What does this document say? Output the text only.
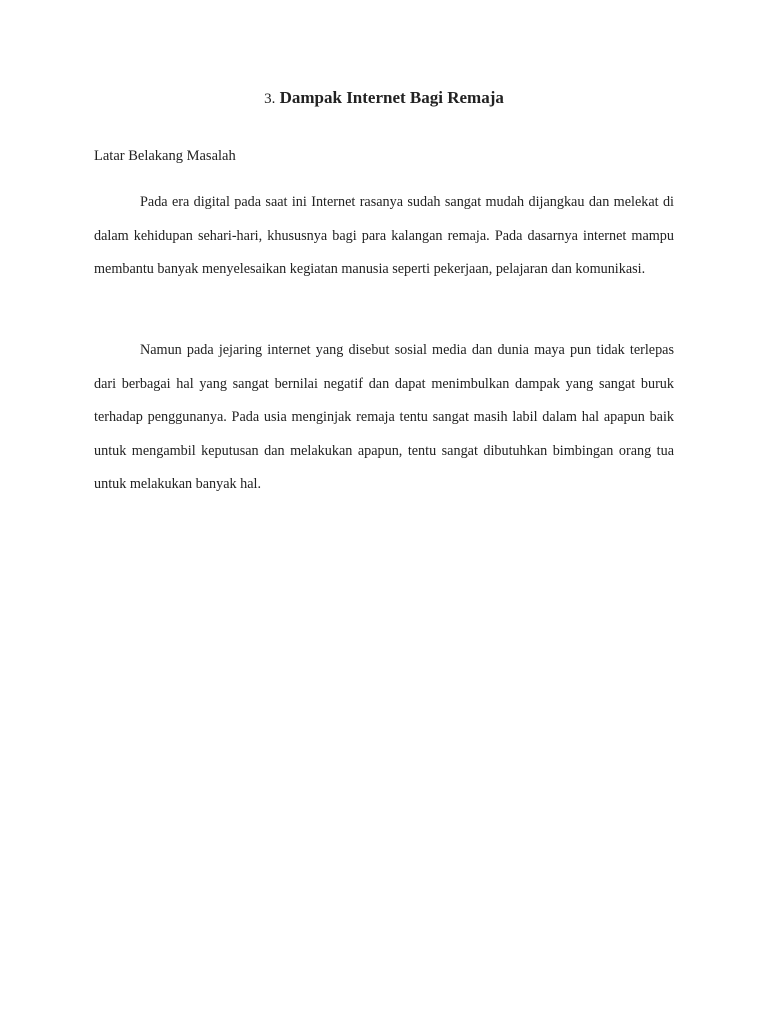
3. Dampak Internet Bagi Remaja
Latar Belakang Masalah

Pada era digital pada saat ini Internet rasanya sudah sangat mudah dijangkau dan melekat di dalam kehidupan sehari-hari, khususnya bagi para kalangan remaja. Pada dasarnya internet mampu membantu banyak menyelesaikan kegiatan manusia seperti pekerjaan, pelajaran dan komunikasi.

Namun pada jejaring internet yang disebut sosial media dan dunia maya pun tidak terlepas dari berbagai hal yang sangat bernilai negatif dan dapat menimbulkan dampak yang sangat buruk terhadap penggunanya. Pada usia menginjak remaja tentu sangat masih labil dalam hal apapun baik untuk mengambil keputusan dan melakukan apapun, tentu sangat dibutuhkan bimbingan orang tua untuk melakukan banyak hal.
